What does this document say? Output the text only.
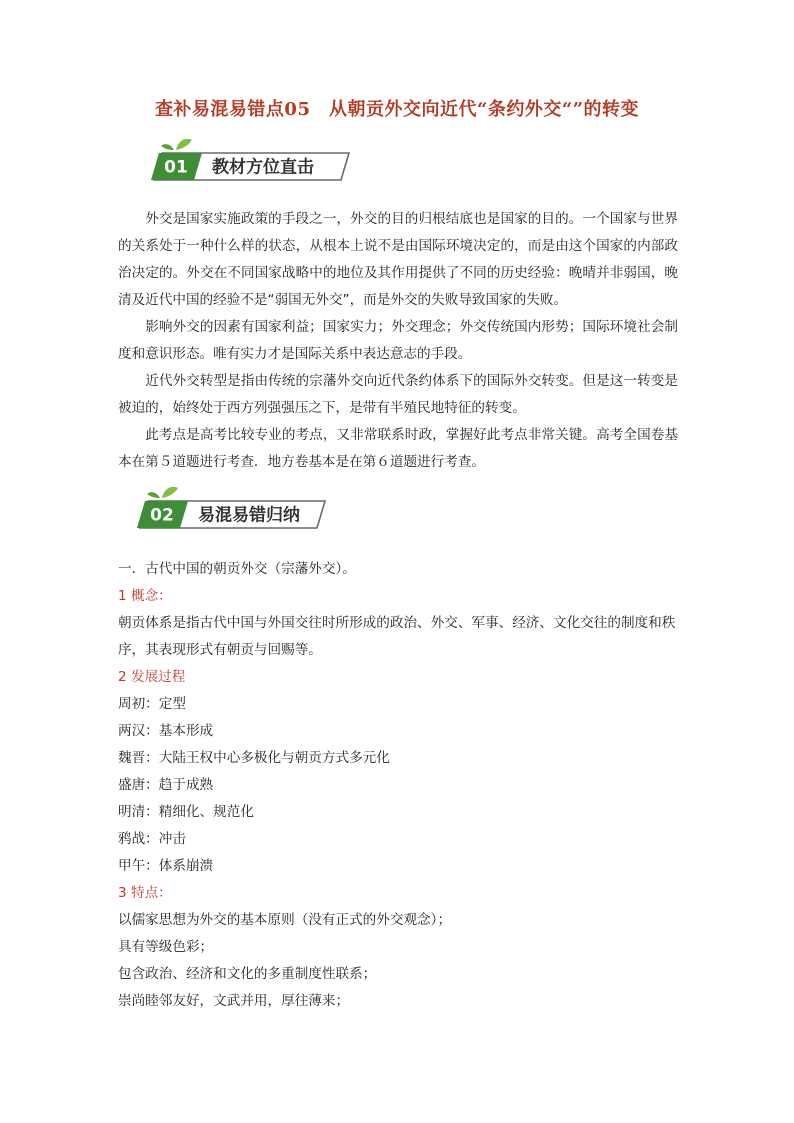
查补易混易错点05　从朝贡外交向近代“条约外交“”的转变
01 教材方位直击

外交是国家实施政策的手段之一，外交的目的归根结底也是国家的目的。一个国家与世界的关系处于一种什么样的状态，从根本上说不是由国际环境决定的，而是由这个国家的内部政治决定的。外交在不同国家战略中的地位及其作用提供了不同的历史经验：晚晴并非弱国，晚清及近代中国的经验不是“弱国无外交”，而是外交的失败导致国家的失败。

影响外交的因素有国家利益；国家实力；外交理念；外交传统国内形势；国际环境社会制度和意识形态。唯有实力才是国际关系中表达意志的手段。

近代外交转型是指由传统的宗藩外交向近代条约体系下的国际外交转变。但是这一转变是被迫的，始终处于西方列强强压之下，是带有半殖民地特征的转变。

此考点是高考比较专业的考点，又非常联系时政，掌握好此考点非常关键。高考全国卷基本在第５道题进行考查．地方卷基本是在第６道题进行考查。

02 易混易错归纳

一．古代中国的朝贡外交（宗藩外交）。

1 概念：

朝贡体系是指古代中国与外国交往时所形成的政治、外交、军事、经济、文化交往的制度和秩序，其表现形式有朝贡与回赐等。

2 发展过程

周初：定型

两汉：基本形成

魏晋：大陆王权中心多极化与朝贡方式多元化

盛唐：趋于成熟

明清：精细化、规范化

鸦战：冲击

甲午：体系崩溃

3 特点：

以儒家思想为外交的基本原则（没有正式的外交观念）；

具有等级色彩；

包含政治、经济和文化的多重制度性联系；

崇尚睦邻友好，文武并用，厚往薄来；
